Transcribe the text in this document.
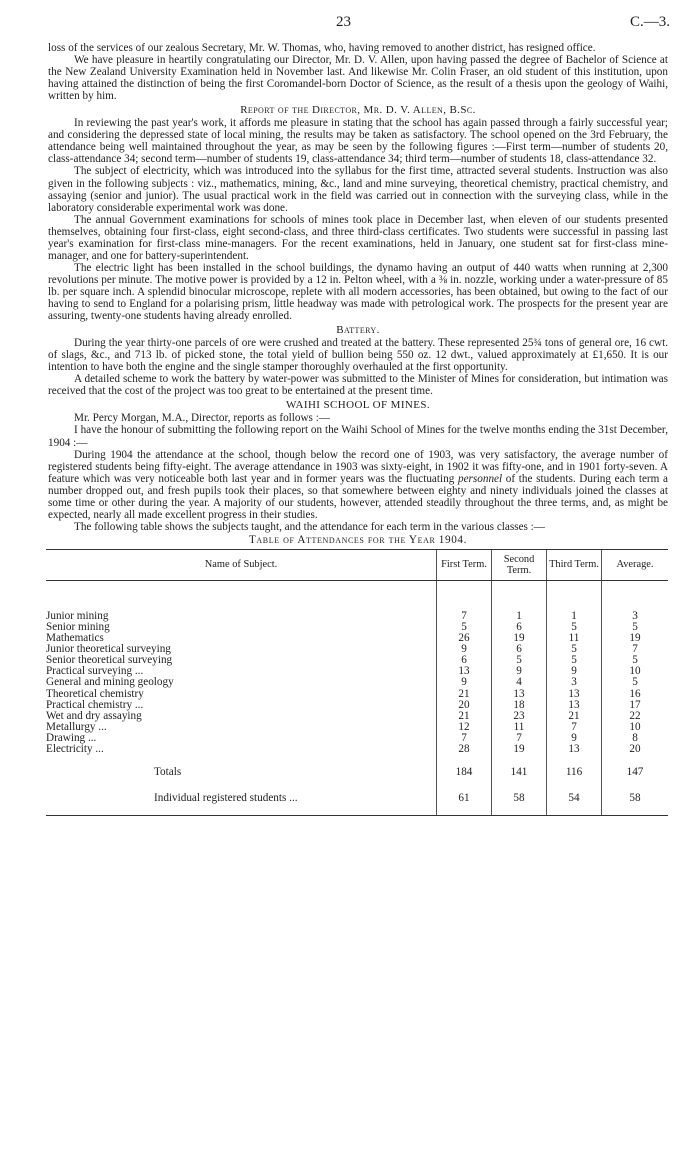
23	C.—3.

loss of the services of our zealous Secretary, Mr. W. Thomas, who, having removed to another district, has resigned office.

We have pleasure in heartily congratulating our Director, Mr. D. V. Allen, upon having passed the degree of Bachelor of Science at the New Zealand University Examination held in November last. And likewise Mr. Colin Fraser, an old student of this institution, upon having attained the distinction of being the first Coromandel-born Doctor of Science, as the result of a thesis upon the geology of Waihi, written by him.

Report of the Director, Mr. D. V. Allen, B.Sc.

In reviewing the past year's work, it affords me pleasure in stating that the school has again passed through a fairly successful year; and considering the depressed state of local mining, the results may be taken as satisfactory. The school opened on the 3rd February, the attendance being well maintained throughout the year, as may be seen by the following figures :—First term—number of students 20, class-attendance 34; second term—number of students 19, class-attendance 34; third term—number of students 18, class-attendance 32.

The subject of electricity, which was introduced into the syllabus for the first time, attracted several students. Instruction was also given in the following subjects : viz., mathematics, mining, &c., land and mine surveying, theoretical chemistry, practical chemistry, and assaying (senior and junior). The usual practical work in the field was carried out in connection with the surveying class, while in the laboratory considerable experimental work was done.

The annual Government examinations for schools of mines took place in December last, when eleven of our students presented themselves, obtaining four first-class, eight second-class, and three third-class certificates. Two students were successful in passing last year's examination for first-class mine-managers. For the recent examinations, held in January, one student sat for first-class mine-manager, and one for battery-superintendent.

The electric light has been installed in the school buildings, the dynamo having an output of 440 watts when running at 2,300 revolutions per minute. The motive power is provided by a 12 in. Pelton wheel, with a ⅜ in. nozzle, working under a water-pressure of 85 lb. per square inch. A splendid binocular microscope, replete with all modern accessories, has been obtained, but owing to the fact of our having to send to England for a polarising prism, little headway was made with petrological work. The prospects for the present year are assuring, twenty-one students having already enrolled.

Battery.

During the year thirty-one parcels of ore were crushed and treated at the battery. These represented 25¾ tons of general ore, 16 cwt. of slags, &c., and 713 lb. of picked stone, the total yield of bullion being 550 oz. 12 dwt., valued approximately at £1,650. It is our intention to have both the engine and the single stamper thoroughly overhauled at the first opportunity.

A detailed scheme to work the battery by water-power was submitted to the Minister of Mines for consideration, but intimation was received that the cost of the project was too great to be entertained at the present time.

WAIHI SCHOOL OF MINES.

Mr. Percy Morgan, M.A., Director, reports as follows :—

I have the honour of submitting the following report on the Waihi School of Mines for the twelve months ending the 31st December, 1904 :—

During 1904 the attendance at the school, though below the record one of 1903, was very satisfactory, the average number of registered students being fifty-eight. The average attendance in 1903 was sixty-eight, in 1902 it was fifty-one, and in 1901 forty-seven. A feature which was very noticeable both last year and in former years was the fluctuating personnel of the students. During each term a number dropped out, and fresh pupils took their places, so that somewhere between eighty and ninety individuals joined the classes at some time or other during the year. A majority of our students, however, attended steadily throughout the three terms, and, as might be expected, nearly all made excellent progress in their studies.

The following table shows the subjects taught, and the attendance for each term in the various classes :—

Table of Attendances for the Year 1904.
Name of Subject.	First Term.	Second Term.	Third Term.	Average.
Junior mining	7	1	1	3
Senior mining	5	6	5	5
Mathematics	26	19	11	19
Junior theoretical surveying	9	6	5	7
Senior theoretical surveying	6	5	5	5
Practical surveying ...	13	9	9	10
General and mining geology	9	4	3	5
Theoretical chemistry	21	13	13	16
Practical chemistry ...	20	18	13	17
Wet and dry assaying	21	23	21	22
Metallurgy ...	12	11	7	10
Drawing ...	7	7	9	8
Electricity ...	28	19	13	20
Totals	184	141	116	147
Individual registered students ...	61	58	54	58
